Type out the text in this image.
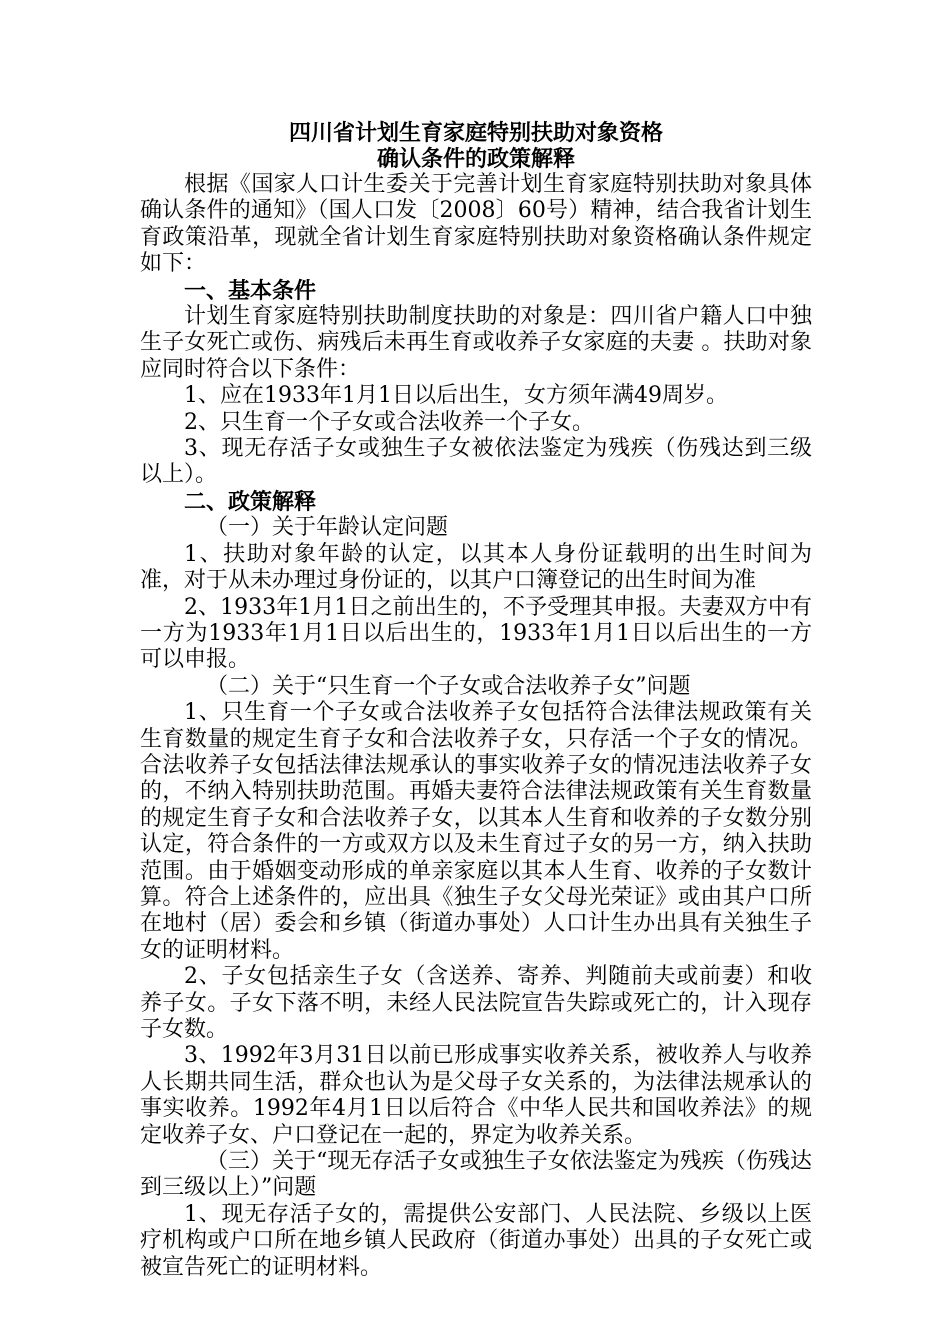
四川省计划生育家庭特别扶助对象资格
确认条件的政策解释

根据《国家人口计生委关于完善计划生育家庭特别扶助对象具体确认条件的通知》（国人口发〔2008〕60号）精神，结合我省计划生育政策沿革，现就全省计划生育家庭特别扶助对象资格确认条件规定如下：

一、基本条件

计划生育家庭特别扶助制度扶助的对象是：四川省户籍人口中独生子女死亡或伤、病残后未再生育或收养子女家庭的夫妻 。扶助对象应同时符合以下条件：

1、应在1933年1月1日以后出生，女方须年满49周岁。

2、只生育一个子女或合法收养一个子女。

3、现无存活子女或独生子女被依法鉴定为残疾（伤残达到三级以上）。

二、政策解释

（一）关于年龄认定问题

1、扶助对象年龄的认定，以其本人身份证载明的出生时间为准，对于从未办理过身份证的，以其户口簿登记的出生时间为准

2、1933年1月1日之前出生的，不予受理其申报。夫妻双方中有一方为1933年1月1日以后出生的，1933年1月1日以后出生的一方可以申报。

（二）关于“只生育一个子女或合法收养子女”问题

1、只生育一个子女或合法收养子女包括符合法律法规政策有关生育数量的规定生育子女和合法收养子女，只存活一个子女的情况。合法收养子女包括法律法规承认的事实收养子女的情况违法收养子女的，不纳入特别扶助范围。再婚夫妻符合法律法规政策有关生育数量的规定生育子女和合法收养子女，以其本人生育和收养的子女数分别认定，符合条件的一方或双方以及未生育过子女的另一方，纳入扶助范围。由于婚姻变动形成的单亲家庭以其本人生育、收养的子女数计算。符合上述条件的，应出具《独生子女父母光荣证》或由其户口所在地村（居）委会和乡镇（街道办事处）人口计生办出具有关独生子女的证明材料。

2、子女包括亲生子女（含送养、寄养、判随前夫或前妻）和收养子女。子女下落不明，未经人民法院宣告失踪或死亡的，计入现存子女数。

3、1992年3月31日以前已形成事实收养关系，被收养人与收养人长期共同生活，群众也认为是父母子女关系的，为法律法规承认的事实收养。1992年4月1日以后符合《中华人民共和国收养法》的规定收养子女、户口登记在一起的，界定为收养关系。

（三）关于“现无存活子女或独生子女依法鉴定为残疾（伤残达到三级以上）”问题

1、现无存活子女的，需提供公安部门、人民法院、乡级以上医疗机构或户口所在地乡镇人民政府（街道办事处）出具的子女死亡或被宣告死亡的证明材料。
